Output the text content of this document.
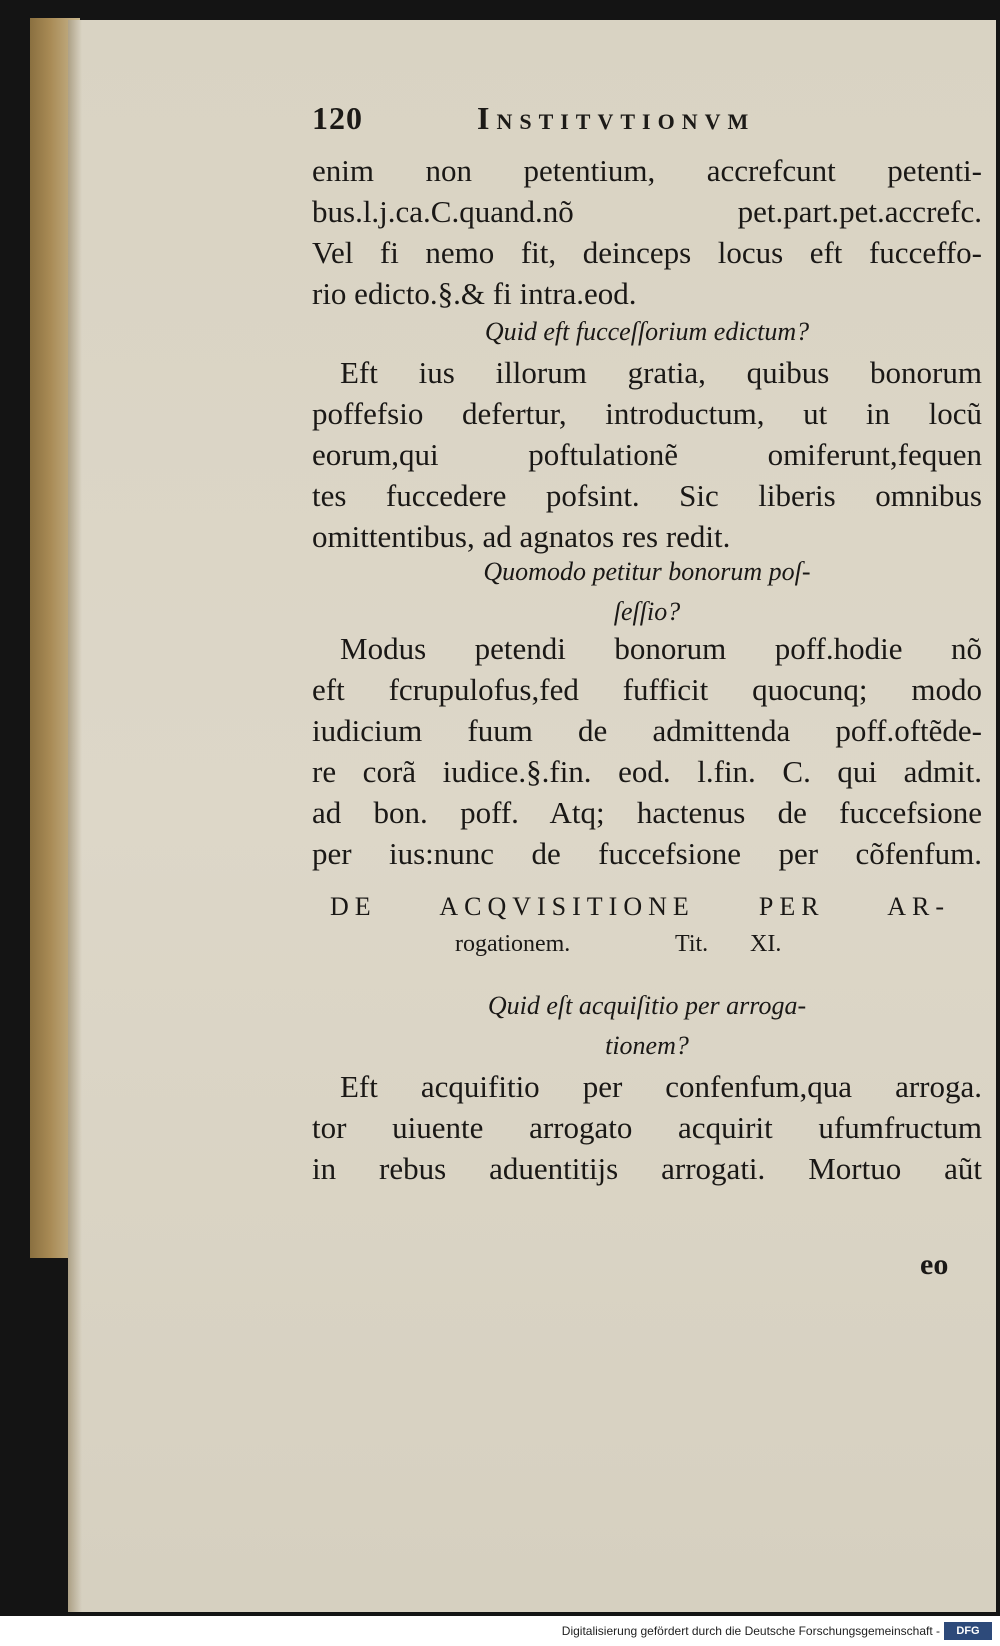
120	Institvtionvm
enim non petentium, accrefcunt petenti-
bus.l.j.ca.C.quand.nõ pet.part.pet.accrefc.
Vel fi nemo fit, deinceps locus eft fucceffo-
rio edicto.§.& fi intra.eod.
Quid eft fucceſſorium edictum?
Eft ius illorum gratia, quibus bonorum
poffefsio defertur, introductum, ut in locũ
eorum,qui poftulationẽ omiferunt,fequen
tes fuccedere pofsint. Sic liberis omnibus
omittentibus, ad agnatos res redit.
Quomodo petitur bonorum poſ-
ſeſſio?
Modus petendi bonorum poff.hodie nõ
eft fcrupulofus,fed fufficit quocunq; modo
iudicium fuum de admittenda poff.oftẽde-
re corã iudice.§.fin. eod. l.fin. C. qui admit.
ad bon. poff. Atq; hactenus de fuccefsione
per ius:nunc de fuccefsione per cõfenfum.
DE ACQVISITIONE PER AR-
rogationem.	Tit. XI.
Quid eſt acquiſitio per arroga-
tionem?
Eft acquifitio per confenfum,qua arroga.
tor uiuente arrogato acquirit ufumfructum
in rebus aduentitijs arrogati. Mortuo aũt
eo
Digitalisierung gefördert durch die Deutsche Forschungsgemeinschaft -	DFG
